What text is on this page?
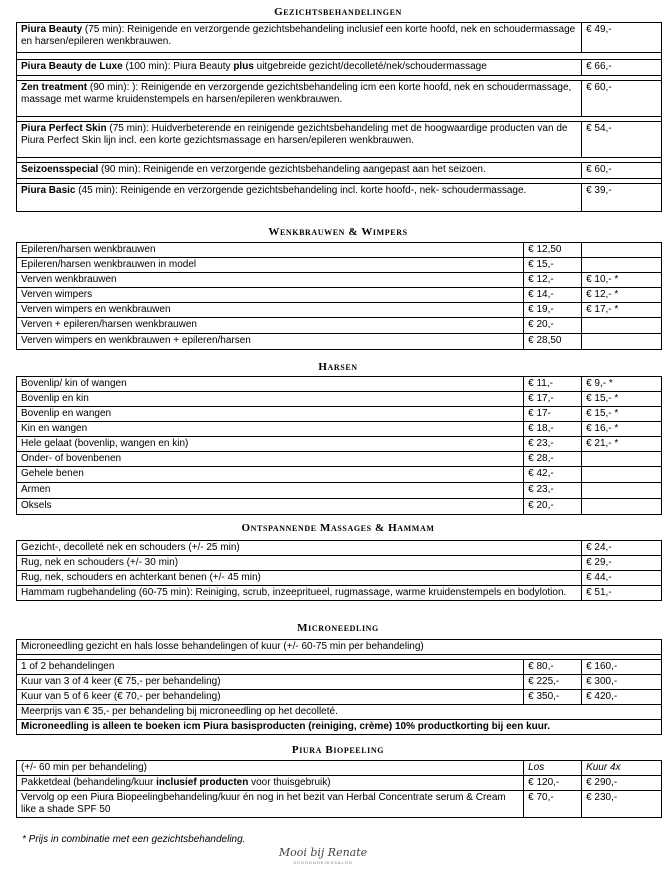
Gezichtsbehandelingen
Piura Beauty (75 min): Reinigende en verzorgende gezichtsbehandeling inclusief een korte hoofd, nek en schoudermassage en harsen/epileren wenkbrauwen.	€ 49,-

Piura Beauty de Luxe (100 min): Piura Beauty plus uitgebreide gezicht/decolleté/nek/schoudermassage	€ 66,-

Zen treatment (90 min): ): Reinigende en verzorgende gezichtsbehandeling icm een korte hoofd, nek en schoudermassage, massage met warme kruidenstempels en harsen/epileren wenkbrauwen.	€ 60,-

Piura Perfect Skin (75 min): Huidverbeterende en reinigende gezichtsbehandeling met de hoogwaardige producten van de Piura Perfect Skin lijn incl. een korte gezichtsmassage en harsen/epileren wenkbrauwen.	€ 54,-

Seizoensspecial (90 min): Reinigende en verzorgende gezichtsbehandeling aangepast aan het seizoen.	€ 60,-

Piura Basic (45 min): Reinigende en verzorgende gezichtsbehandeling incl. korte hoofd-, nek- schoudermassage.	€ 39,-
Wenkbrauwen & Wimpers
Epileren/harsen wenkbrauwen	€ 12,50	
Epileren/harsen wenkbrauwen in model	€ 15,-	
Verven wenkbrauwen	€ 12,-	€ 10,- *
Verven wimpers	€ 14,-	€ 12,- *
Verven wimpers en wenkbrauwen	€ 19,-	€ 17,- *
Verven + epileren/harsen wenkbrauwen	€ 20,-	
Verven wimpers en wenkbrauwen + epileren/harsen	€ 28,50	
Harsen
Bovenlip/ kin of wangen	€ 11,-	€ 9,- *
Bovenlip en kin	€ 17,-	€ 15,- *
Bovenlip en wangen	€ 17-	€ 15,- *
Kin en wangen	€ 18,-	€ 16,- *
Hele gelaat (bovenlip, wangen en kin)	€ 23,-	€ 21,- *
Onder- of bovenbenen	€ 28,-	
Gehele benen	€ 42,-	
Armen	€ 23,-	
Oksels	€ 20,-	
Ontspannende Massages & Hammam
Gezicht-, decolleté nek en schouders (+/- 25 min)	€ 24,-
Rug, nek en schouders (+/- 30 min)	€ 29,-
Rug, nek, schouders en achterkant benen (+/- 45 min)	€ 44,-
Hammam rugbehandeling (60-75 min): Reiniging, scrub, inzeepritueel, rugmassage, warme kruidenstempels en bodylotion.	€ 51,-
Microneedling
Microneedling gezicht en hals losse behandelingen of kuur (+/- 60-75 min per behandeling)		

1 of 2 behandelingen	€ 80,-	€ 160,-
Kuur van 3 of 4 keer (€ 75,- per behandeling)	€ 225,-	€ 300,-
Kuur van 5 of 6 keer (€ 70,- per behandeling)	€ 350,-	€ 420,-
Meerprijs van € 35,- per behandeling bij microneedling op het decolleté.		
Microneedling is alleen te boeken icm Piura basisproducten (reiniging, crème) 10% productkorting bij een kuur.		
Piura Biopeeling
(+/- 60 min per behandeling)	Los	Kuur 4x
Pakketdeal (behandeling/kuur inclusief producten voor thuisgebruik)	€ 120,-	€ 290,-
Vervolg op een Piura Biopeelingbehandeling/kuur én nog in het bezit van Herbal Concentrate serum & Cream like a shade SPF 50	€ 70,-	€ 230,-
* Prijs in combinatie met een gezichtsbehandeling.
Mooi bij Renate
SCHOONHEIDSSALON
